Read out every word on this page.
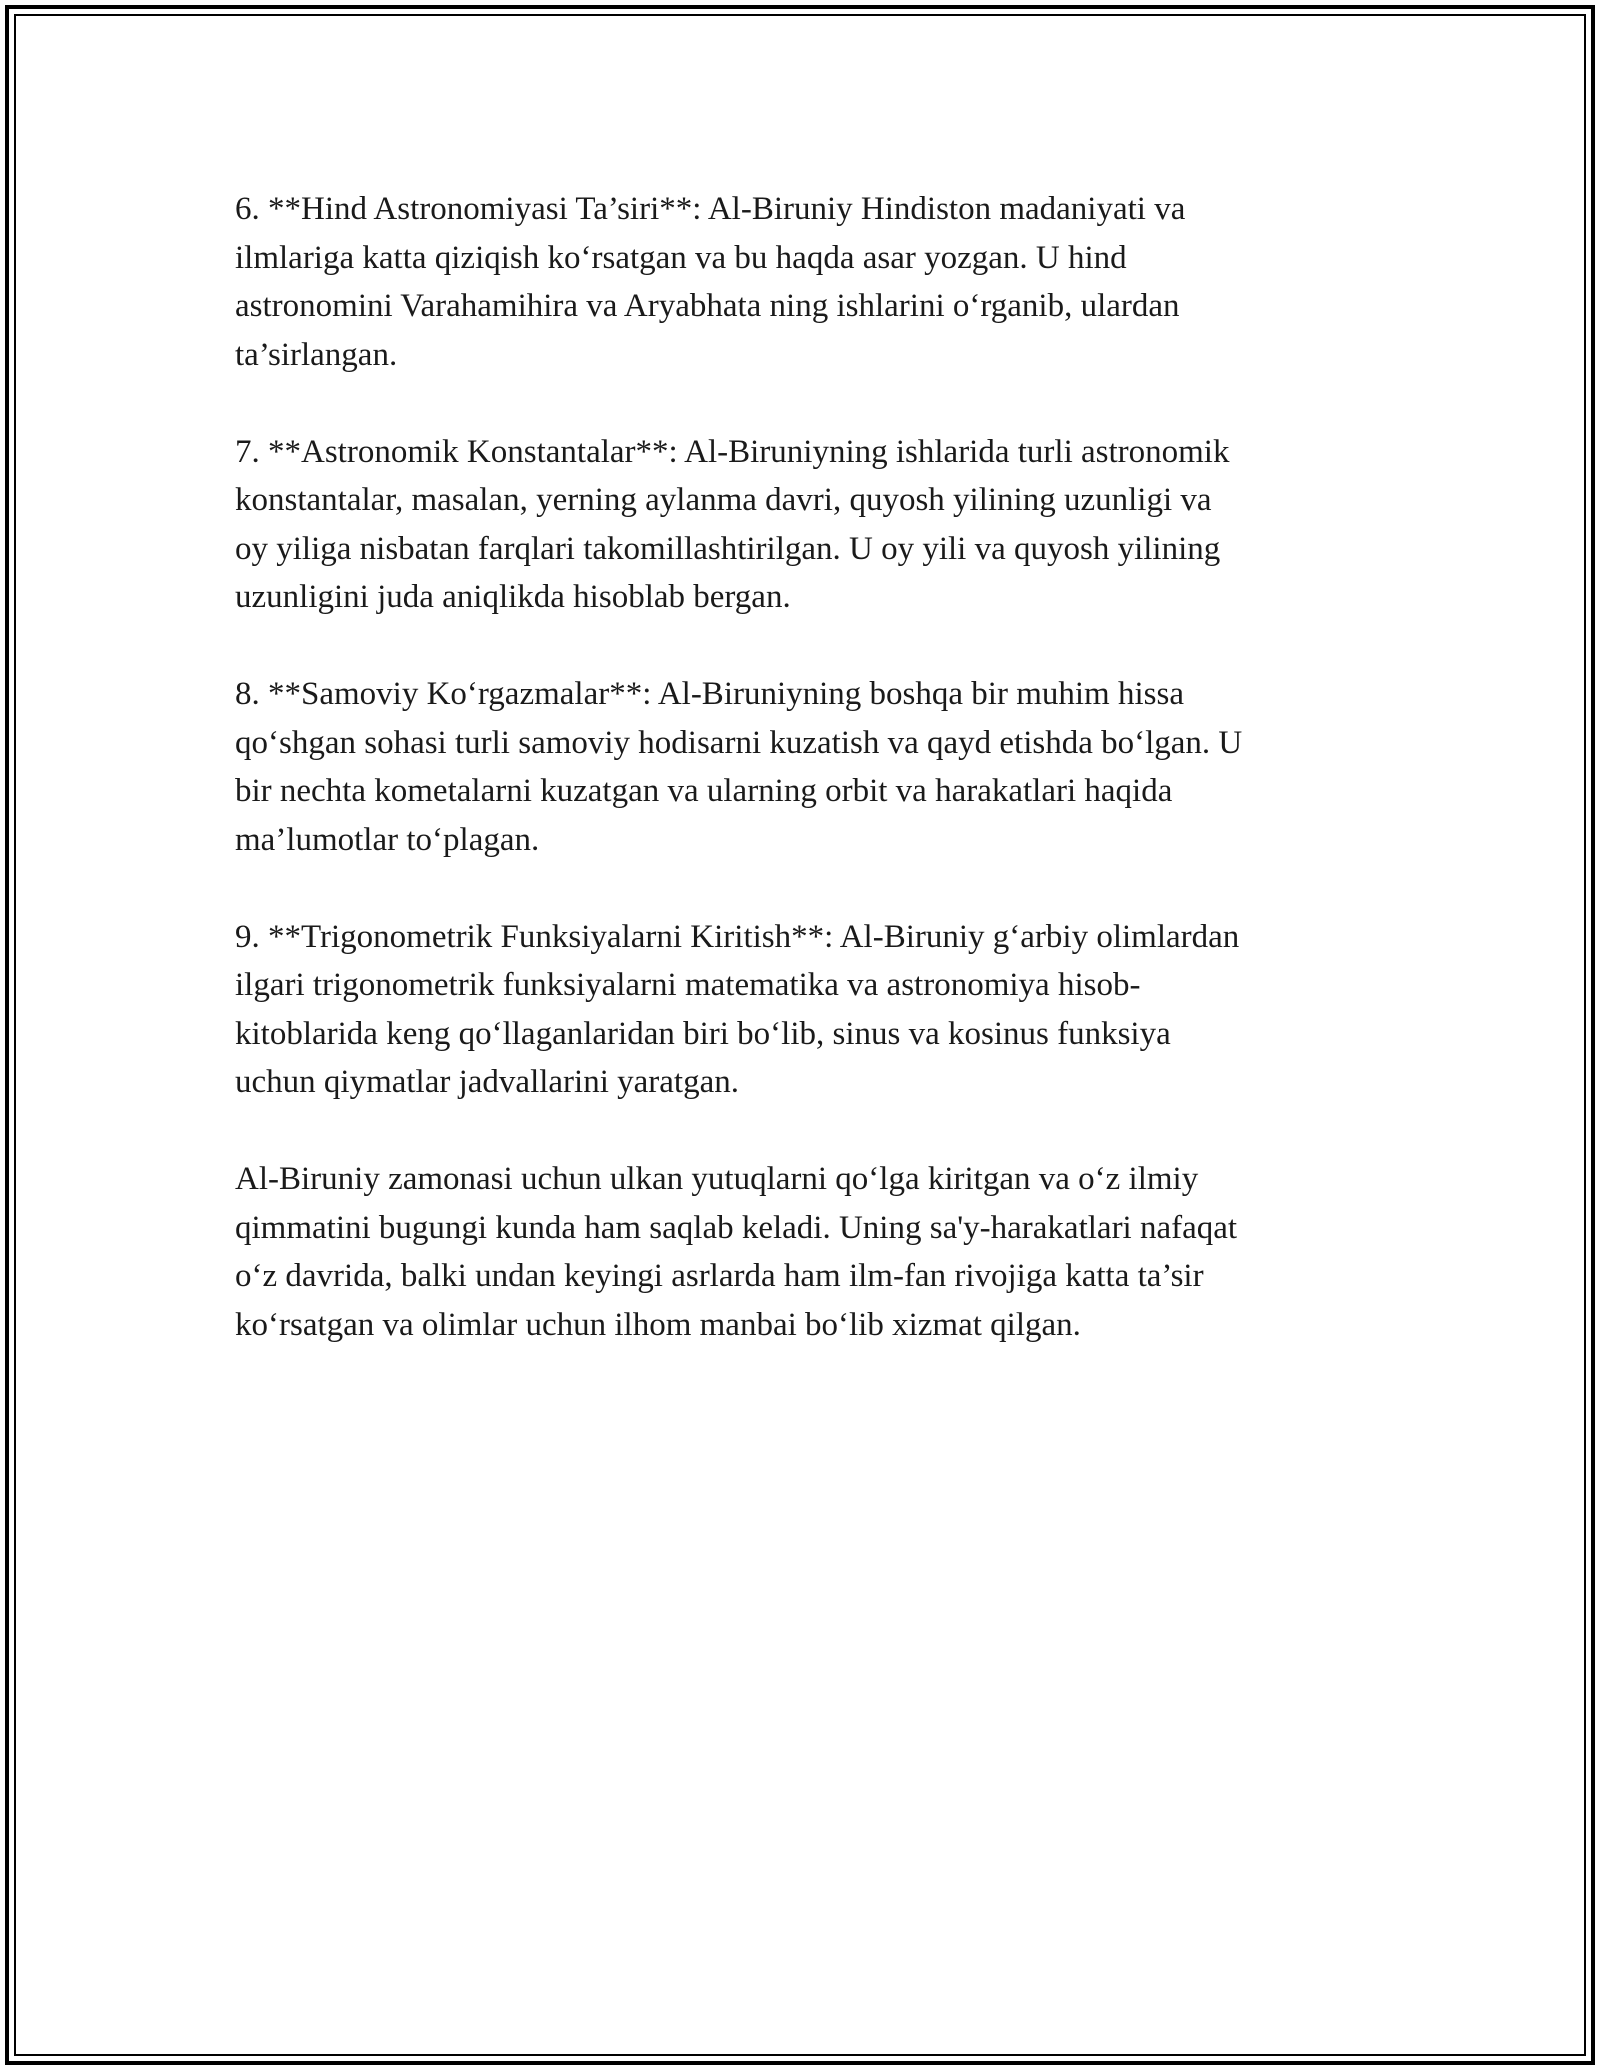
6. **Hind Astronomiyasi Ta’siri**: Al-Biruniy Hindiston madaniyati va
ilmlariga katta qiziqish ko‘rsatgan va bu haqda asar yozgan. U hind
astronomini Varahamihira va Aryabhata ning ishlarini o‘rganib, ulardan
ta’sirlangan.

7. **Astronomik Konstantalar**: Al-Biruniyning ishlarida turli astronomik
konstantalar, masalan, yerning aylanma davri, quyosh yilining uzunligi va
oy yiliga nisbatan farqlari takomillashtirilgan. U oy yili va quyosh yilining
uzunligini juda aniqlikda hisoblab bergan.

8. **Samoviy Ko‘rgazmalar**: Al-Biruniyning boshqa bir muhim hissa
qo‘shgan sohasi turli samoviy hodisarni kuzatish va qayd etishda bo‘lgan. U
bir nechta kometalarni kuzatgan va ularning orbit va harakatlari haqida
ma’lumotlar to‘plagan.

9. **Trigonometrik Funksiyalarni Kiritish**: Al-Biruniy g‘arbiy olimlardan
ilgari trigonometrik funksiyalarni matematika va astronomiya hisob-
kitoblarida keng qo‘llaganlaridan biri bo‘lib, sinus va kosinus funksiya
uchun qiymatlar jadvallarini yaratgan.

Al-Biruniy zamonasi uchun ulkan yutuqlarni qo‘lga kiritgan va o‘z ilmiy
qimmatini bugungi kunda ham saqlab keladi. Uning sa'y-harakatlari nafaqat
o‘z davrida, balki undan keyingi asrlarda ham ilm-fan rivojiga katta ta’sir
ko‘rsatgan va olimlar uchun ilhom manbai bo‘lib xizmat qilgan.
